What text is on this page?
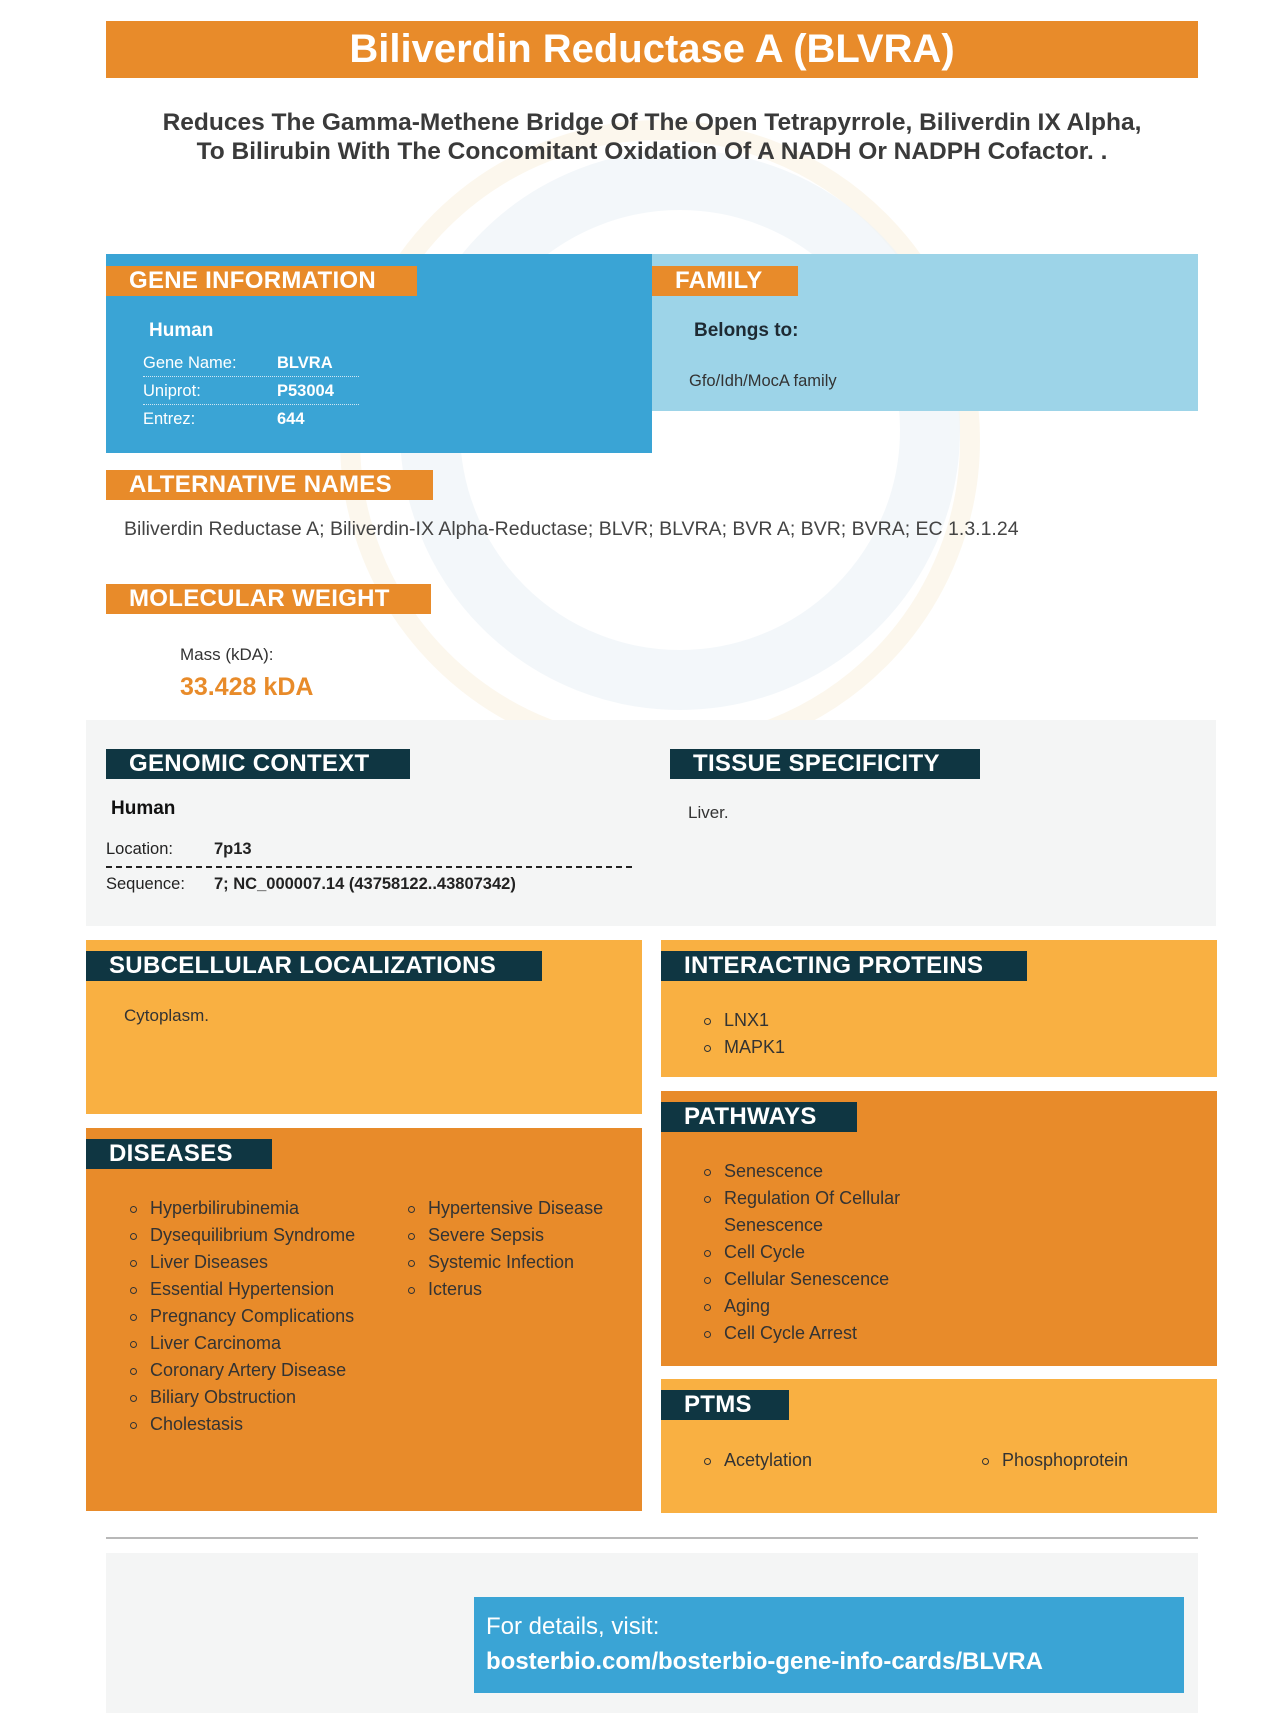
Biliverdin Reductase A (BLVRA)
Reduces The Gamma-Methene Bridge Of The Open Tetrapyrrole, Biliverdin IX Alpha, To Bilirubin With The Concomitant Oxidation Of A NADH Or NADPH Cofactor. .
GENE INFORMATION
Human
Gene Name: BLVRA
Uniprot:	P53004
Entrez:	644
FAMILY
Belongs to:
Gfo/Idh/MocA family
ALTERNATIVE NAMES
Biliverdin Reductase A; Biliverdin-IX Alpha-Reductase; BLVR; BLVRA; BVR A; BVR; BVRA; EC 1.3.1.24
MOLECULAR WEIGHT
Mass (kDA):
33.428 kDA
GENOMIC CONTEXT
Human
Location: 7p13
Sequence: 7; NC_000007.14 (43758122..43807342)
TISSUE SPECIFICITY
Liver.
SUBCELLULAR LOCALIZATIONS
Cytoplasm.
INTERACTING PROTEINS
LNX1
MAPK1
DISEASES
Hyperbilirubinemia
Dysequilibrium Syndrome
Liver Diseases
Essential Hypertension
Pregnancy Complications
Liver Carcinoma
Coronary Artery Disease
Biliary Obstruction
Cholestasis
Hypertensive Disease
Severe Sepsis
Systemic Infection
Icterus
PATHWAYS
Senescence
Regulation Of Cellular Senescence
Cell Cycle
Cellular Senescence
Aging
Cell Cycle Arrest
PTMS
Acetylation	Phosphoprotein
For details, visit:
bosterbio.com/bosterbio-gene-info-cards/BLVRA
